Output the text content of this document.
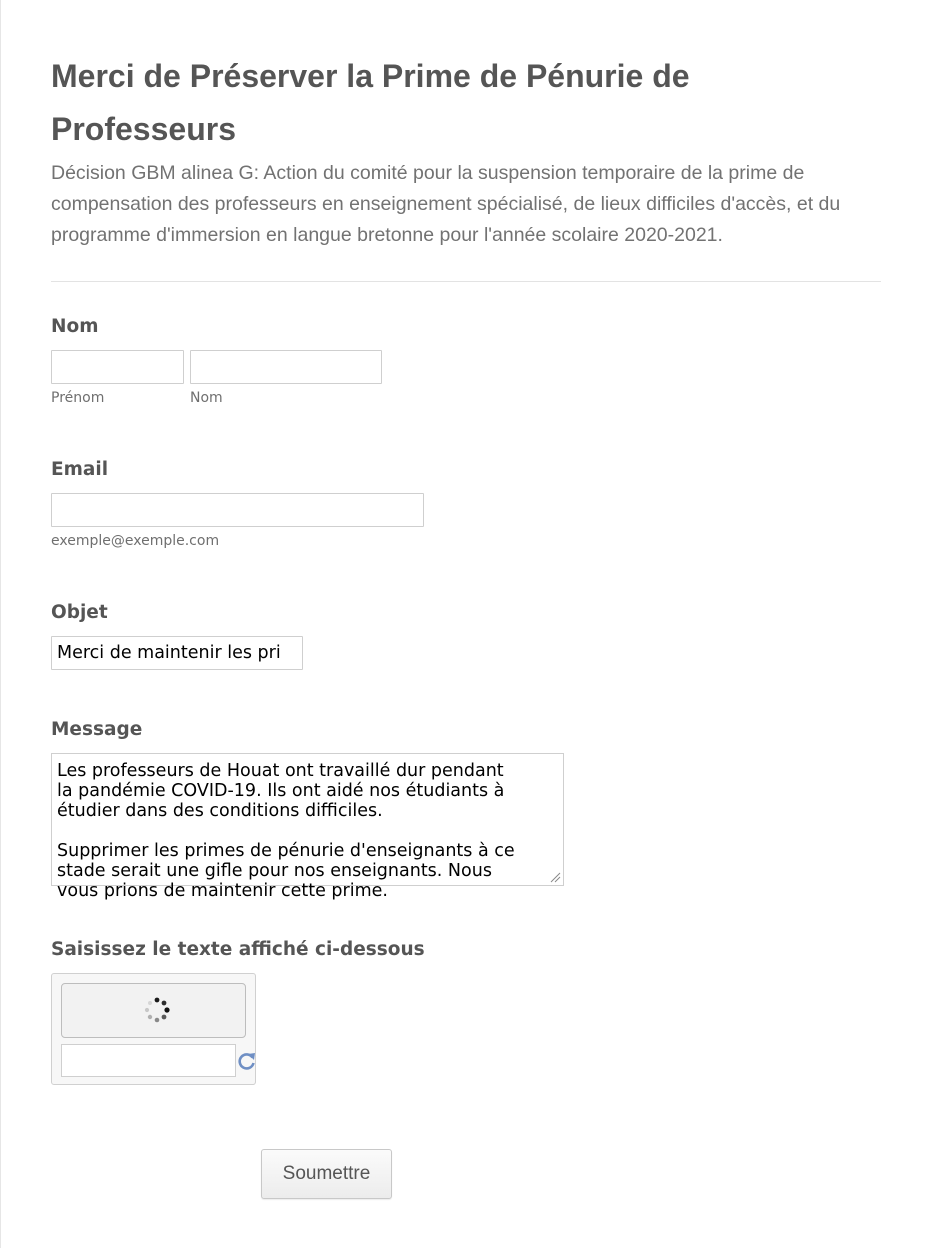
Merci de Préserver la Prime de Pénurie de Professeurs
Décision GBM alinea G: Action du comité pour la suspension temporaire de la prime de compensation des professeurs en enseignement spécialisé, de lieux difficiles d'accès, et du programme d'immersion en langue bretonne pour l'année scolaire 2020-2021.
Nom
Prénom	Nom
Email
exemple@exemple.com
Objet
Merci de maintenir les pri
Message

Les professeurs de Houat ont travaillé dur pendant
la pandémie COVID-19. Ils ont aidé nos étudiants à
étudier dans des conditions difficiles.

Supprimer les primes de pénurie d'enseignants à ce
stade serait une gifle pour nos enseignants. Nous
vous prions de maintenir cette prime.

Saisissez le texte affiché ci-dessous
Soumettre
